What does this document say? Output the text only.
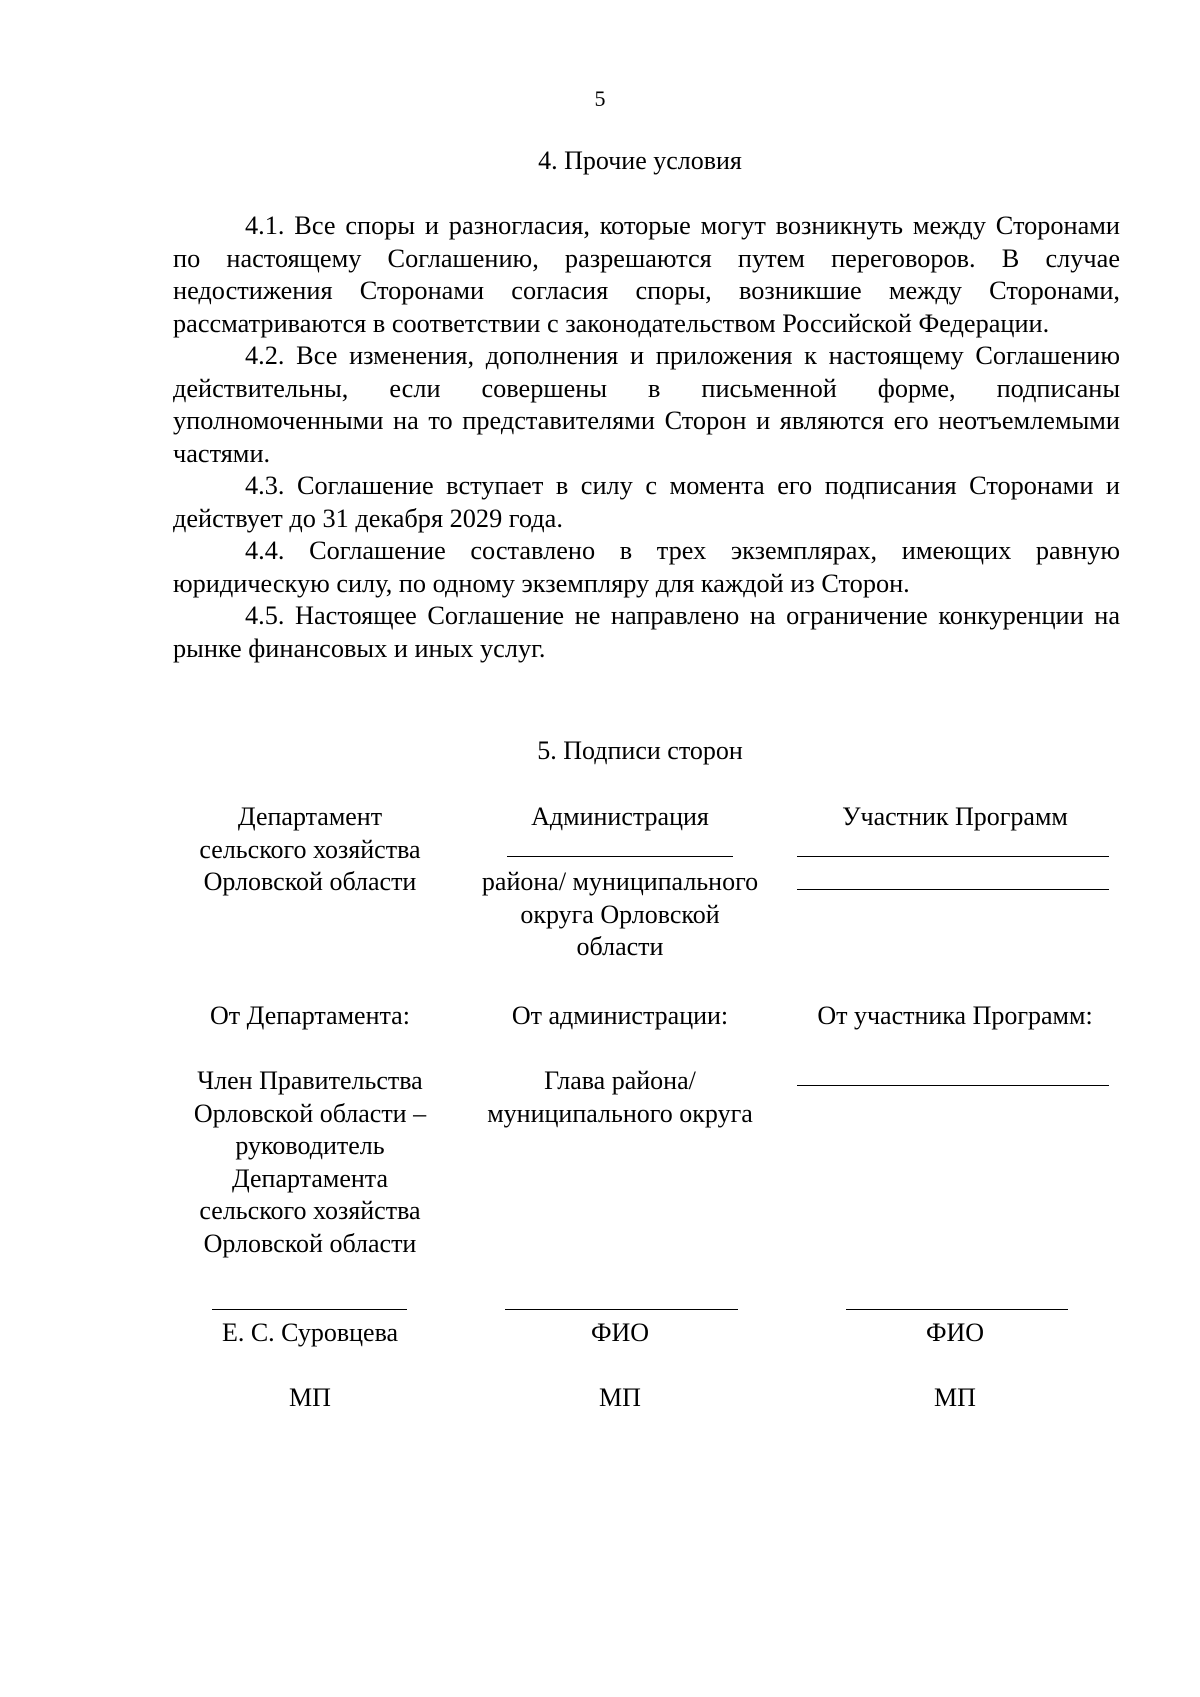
5
4. Прочие условия

4.1. Все споры и разногласия, которые могут возникнуть между Сторонами по настоящему Соглашению, разрешаются путем переговоров. В случае недостижения Сторонами согласия споры, возникшие между Сторонами, рассматриваются в соответствии с законодательством Российской Федерации.

4.2. Все изменения, дополнения и приложения к настоящему Соглашению действительны, если совершены в письменной форме, подписаны уполномоченными на то представителями Сторон и являются его неотъемлемыми частями.

4.3. Соглашение вступает в силу с момента его подписания Сторонами и действует до 31 декабря 2029 года.

4.4. Соглашение составлено в трех экземплярах, имеющих равную юридическую силу, по одному экземпляру для каждой из Сторон.

4.5. Настоящее Соглашение не направлено на ограничение конкуренции на рынке финансовых и иных услуг.

5. Подписи сторон
Департамент
сельского хозяйства
Орловской области
От Департамента:
Член Правительства
Орловской области –
руководитель
Департамента
сельского хозяйства
Орловской области
Е. С. Суровцева
МП
Администрация
района/ муниципального
округа Орловской
области
От администрации:
Глава района/
муниципального округа
ФИО
МП
Участник Программ
От участника Программ:
ФИО
МП
